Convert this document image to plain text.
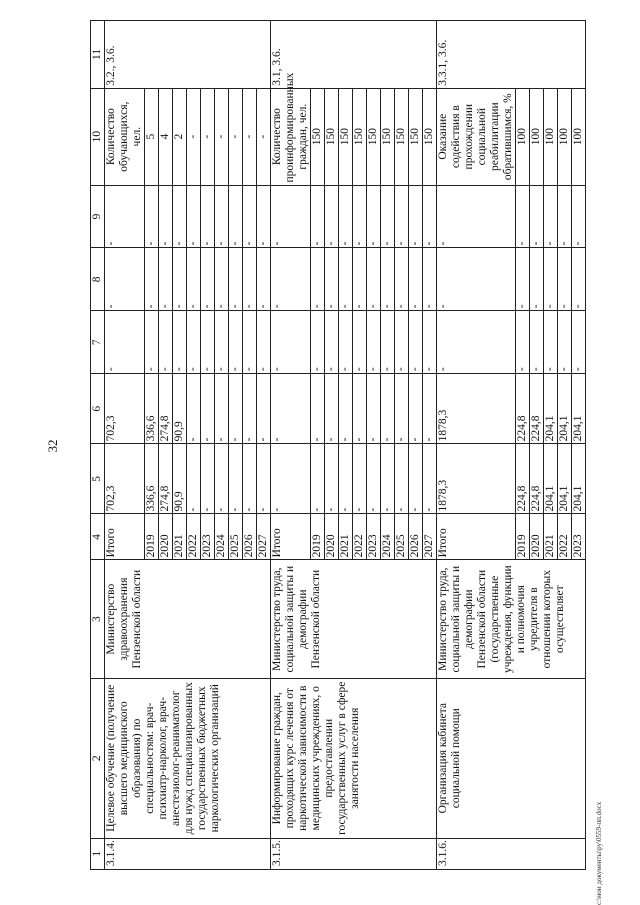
32
c:\мои документы\ру\0559-пп.docx
1	2	3	4	5	6	7	8	9	10	11
3.1.4.	Целевое обучение (получение высшего медицинского образования) по специальностям: врач-психиатр-нарколог, врач-анестезиолог-реаниматолог для нужд специализированных государственных бюджетных наркологических организаций	Министерство здравоохранения Пензенской области	Итого	702,3	702,3	-	-	-	Количество обучающихся, чел.	3.2., 3.6.
			2019	336,6	336,6	-	-	-	5	
			2020	274,8	274,8	-	-	-	4	
			2021	90,9	90,9	-	-	-	2	
			2022	-	-	-	-	-	-	
			2023	-	-	-	-	-	-	
			2024	-	-	-	-	-	-	
			2025	-	-	-	-	-	-	
			2026	-	-	-	-	-	-	
			2027	-	-	-	-	-	-	
3.1.5.	Информирование граждан, проходящих курс лечения от наркотической зависимости в медицинских учреждениях, о предоставлении государственных услуг в сфере занятости населения	Министерство труда, социальной защиты и демографии Пензенской области	Итого	-	-	-	-	-	Количество проинформированных граждан, чел.	3.1, 3.6.
			2019	-	-	-	-	-	150	
			2020	-	-	-	-	-	150	
			2021	-	-	-	-	-	150	
			2022	-	-	-	-	-	150	
			2023	-	-	-	-	-	150	
			2024	-	-	-	-	-	150	
			2025	-	-	-	-	-	150	
			2026	-	-	-	-	-	150	
			2027	-	-	-	-	-	150	
3.1.6.	Организация кабинета социальной помощи	Министерство труда, социальной защиты и демографии Пензенской области (государственные учреждения, функции и полномочия учредителя в отношении которых осуществляет	Итого	1878,3	1878,3	-	-	-	Оказание содействия в прохождении социальной реабилитации обратившимся, %	3.3.1, 3.6.
			2019	224,8	224,8	-	-	-	100	
			2020	224,8	224,8	-	-	-	100	
			2021	204,1	204,1	-	-	-	100	
			2022	204,1	204,1	-	-	-	100	
			2023	204,1	204,1	-	-	-	100	
